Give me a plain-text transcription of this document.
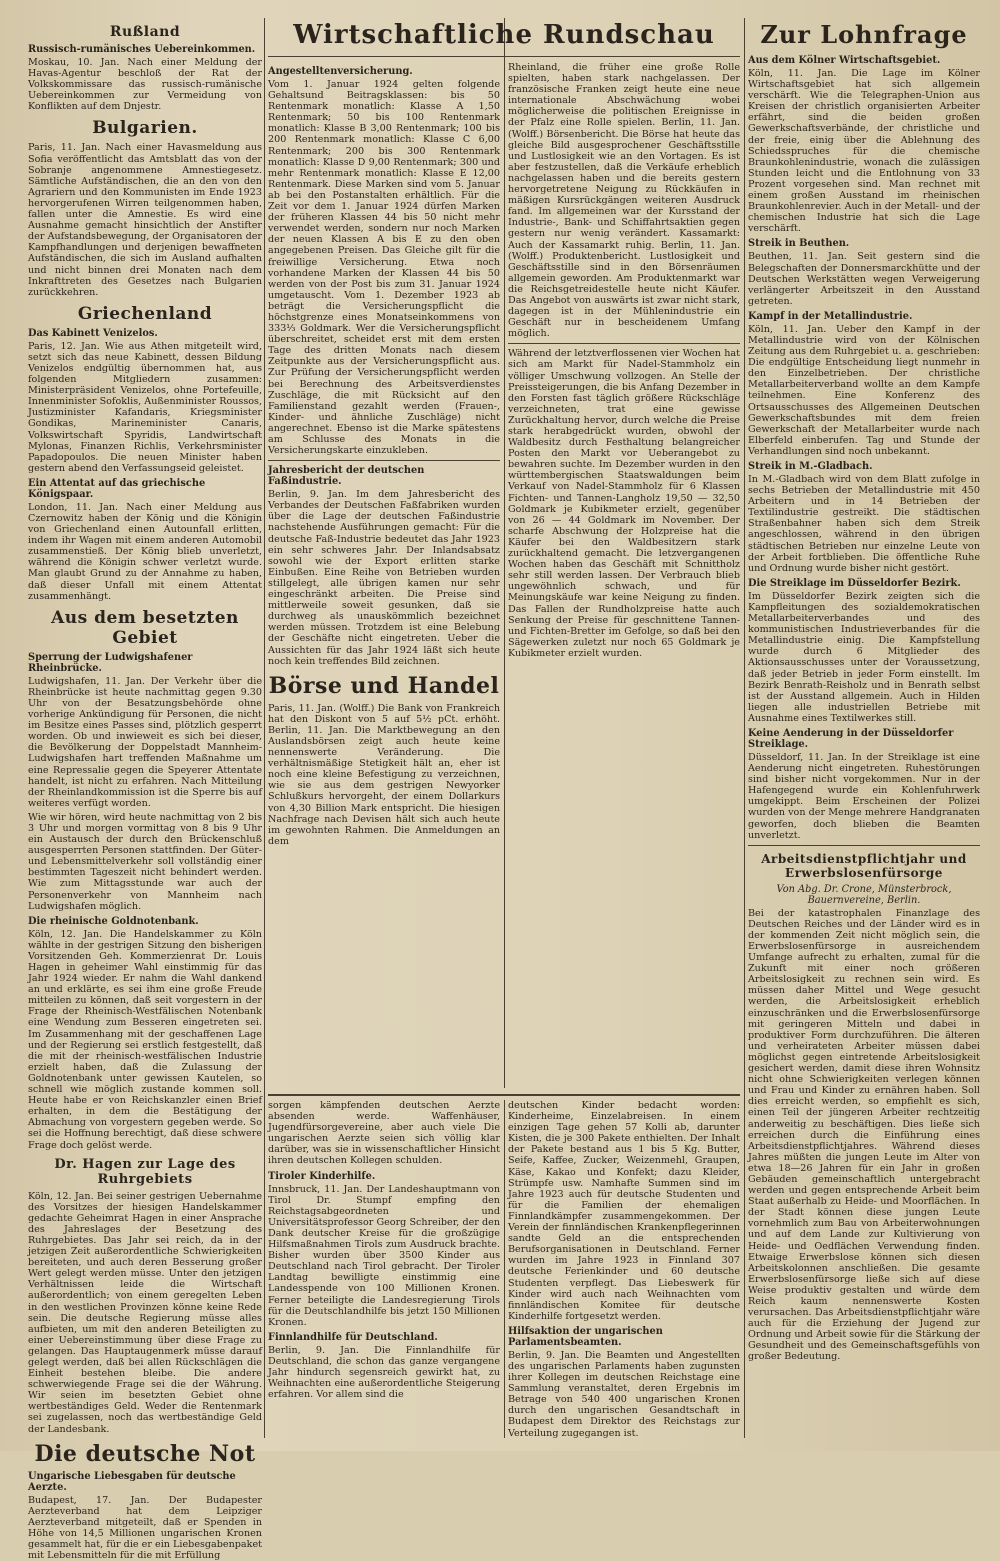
Rußland
Russisch-rumänisches Uebereinkommen.

Moskau, 10. Jan. Nach einer Meldung der Havas-Agentur beschloß der Rat der Volkskommissare das russisch-rumänische Uebereinkommen zur Vermeidung von Konflikten auf dem Dnjestr.

Bulgarien.

Paris, 11. Jan. Nach einer Havasmeldung aus Sofia veröffentlicht das Amtsblatt das von der Sobranje angenommene Amnestiegesetz. Sämtliche Aufständischen, die an den von den Agrariern und den Kommunisten im Ende 1923 hervorgerufenen Wirren teilgenommen haben, fallen unter die Amnestie. Es wird eine Ausnahme gemacht hinsichtlich der Anstifter der Aufstandsbewegung, der Organisatoren der Kampfhandlungen und derjenigen bewaffneten Aufständischen, die sich im Ausland aufhalten und nicht binnen drei Monaten nach dem Inkrafttreten des Gesetzes nach Bulgarien zurückkehren.

Griechenland
Das Kabinett Venizelos.

Paris, 12. Jan. Wie aus Athen mitgeteilt wird, setzt sich das neue Kabinett, dessen Bildung Venizelos endgültig übernommen hat, aus folgenden Mitgliedern zusammen: Ministerpräsident Venizelos, ohne Portefeuille, Innenminister Sofoklis, Außenminister Roussos, Justizminister Kafandaris, Kriegsminister Gondikas, Marineminister Canaris, Volkswirtschaft Spyridis, Landwirtschaft Mylonas, Finanzen Richlis, Verkehrsminister Papadopoulos. Die neuen Minister haben gestern abend den Verfassungseid geleistet.

Ein Attentat auf das griechische Königspaar.

London, 11. Jan. Nach einer Meldung aus Czernowitz haben der König und die Königin von Griechenland einen Autounfall erlitten, indem ihr Wagen mit einem anderen Automobil zusammenstieß. Der König blieb unverletzt, während die Königin schwer verletzt wurde. Man glaubt Grund zu der Annahme zu haben, daß dieser Unfall mit einem Attentat zusammenhängt.

Aus dem besetzten Gebiet
Sperrung der Ludwigshafener Rheinbrücke.

Ludwigshafen, 11. Jan. Der Verkehr über die Rheinbrücke ist heute nachmittag gegen 9.30 Uhr von der Besatzungsbehörde ohne vorherige Ankündigung für Personen, die nicht im Besitze eines Passes sind, plötzlich gesperrt worden. Ob und inwieweit es sich bei dieser, die Bevölkerung der Doppelstadt Mannheim-Ludwigshafen hart treffenden Maßnahme um eine Repressalie gegen die Speyerer Attentate handelt, ist nicht zu erfahren. Nach Mitteilung der Rheinlandkommission ist die Sperre bis auf weiteres verfügt worden.

Wie wir hören, wird heute nachmittag von 2 bis 3 Uhr und morgen vormittag von 8 bis 9 Uhr ein Austausch der durch den Brückenschluß ausgesperrten Personen stattfinden. Der Güter- und Lebensmittelverkehr soll vollständig einer bestimmten Tageszeit nicht behindert werden. Wie zum Mittagsstunde war auch der Personenverkehr von Mannheim nach Ludwigshafen möglich.

Die rheinische Goldnotenbank.

Köln, 12. Jan. Die Handelskammer zu Köln wählte in der gestrigen Sitzung den bisherigen Vorsitzenden Geh. Kommerzienrat Dr. Louis Hagen in geheimer Wahl einstimmig für das Jahr 1924 wieder. Er nahm die Wahl dankend an und erklärte, es sei ihm eine große Freude mitteilen zu können, daß seit vorgestern in der Frage der Rheinisch-Westfälischen Notenbank eine Wendung zum Besseren eingetreten sei. Im Zusammenhang mit der geschaffenen Lage und der Regierung sei erstlich festgestellt, daß die mit der rheinisch-westfälischen Industrie erzielt haben, daß die Zulassung der Goldnotenbank unter gewissen Kautelen, so schnell wie möglich zustande kommen soll. Heute habe er von Reichskanzler einen Brief erhalten, in dem die Bestätigung der Abmachung von vorgestern gegeben werde. So sei die Hoffnung berechtigt, daß diese schwere Frage doch gelöst werde.

Dr. Hagen zur Lage des Ruhrgebiets

Köln, 12. Jan. Bei seiner gestrigen Uebernahme des Vorsitzes der hiesigen Handelskammer gedachte Geheimrat Hagen in einer Ansprache des Jahreslages der Besetzung des Ruhrgebietes. Das Jahr sei reich, da in der jetzigen Zeit außerordentliche Schwierigkeiten bereiteten, und auch deren Besserung großer Wert gelegt werden müsse. Unter den jetzigen Verhältnissen leide die Wirtschaft außerordentlich; von einem geregelten Leben in den westlichen Provinzen könne keine Rede sein. Die deutsche Regierung müsse alles aufbieten, um mit den anderen Beteiligten zu einer Uebereinstimmung über diese Frage zu gelangen. Das Hauptaugenmerk müsse darauf gelegt werden, daß bei allen Rückschlägen die Einheit bestehen bleibe. Die andere schwerwiegende Frage sei die der Währung. Wir seien im besetzten Gebiet ohne wertbeständiges Geld. Weder die Rentenmark sei zugelassen, noch das wertbeständige Geld der Landesbank.

Die deutsche Not
Ungarische Liebesgaben für deutsche Aerzte.

Budapest, 17. Jan. Der Budapester Aerzteverband hat dem Leipziger Aerzteverband mitgeteilt, daß er Spenden in Höhe von 14,5 Millionen ungarischen Kronen gesammelt hat, für die er ein Liebesgabenpaket mit Lebensmitteln für die mit Erfüllung

Wirtschaftliche Rundschau
Angestelltenversicherung.

Vom 1. Januar 1924 gelten folgende Gehaltsund Beitragsklassen: bis 50 Rentenmark monatlich: Klasse A 1,50 Rentenmark; 50 bis 100 Rentenmark monatlich: Klasse B 3,00 Rentenmark; 100 bis 200 Rentenmark monatlich: Klasse C 6,00 Rentenmark; 200 bis 300 Rentenmark monatlich: Klasse D 9,00 Rentenmark; 300 und mehr Rentenmark monatlich: Klasse E 12,00 Rentenmark. Diese Marken sind vom 5. Januar ab bei den Postanstalten erhältlich. Für die Zeit vor dem 1. Januar 1924 dürfen Marken der früheren Klassen 44 bis 50 nicht mehr verwendet werden, sondern nur noch Marken der neuen Klassen A bis E zu den oben angegebenen Preisen. Das Gleiche gilt für die freiwillige Versicherung. Etwa noch vorhandene Marken der Klassen 44 bis 50 werden von der Post bis zum 31. Januar 1924 umgetauscht. Vom 1. Dezember 1923 ab beträgt die Versicherungspflicht die höchstgrenze eines Monatseinkommens von 333⅓ Goldmark. Wer die Versicherungspflicht überschreitet, scheidet erst mit dem ersten Tage des dritten Monats nach diesem Zeitpunkte aus der Versicherungspflicht aus. Zur Prüfung der Versicherungspflicht werden bei Berechnung des Arbeitsverdienstes Zuschläge, die mit Rücksicht auf den Familienstand gezahlt werden (Frauen-, Kinder- und ähnliche Zuschläge) nicht angerechnet. Ebenso ist die Marke spätestens am Schlusse des Monats in die Versicherungskarte einzukleben.

Jahresbericht der deutschen Faßindustrie.

Berlin, 9. Jan. Im dem Jahresbericht des Verbandes der Deutschen Faßfabriken wurden über die Lage der deutschen Faßindustrie nachstehende Ausführungen gemacht: Für die deutsche Faß-Industrie bedeutet das Jahr 1923 ein sehr schweres Jahr. Der Inlandsabsatz sowohl wie der Export erlitten starke Einbußen. Eine Reihe von Betrieben wurden stillgelegt, alle übrigen kamen nur sehr eingeschränkt arbeiten. Die Preise sind mittlerweile soweit gesunken, daß sie durchweg als unauskömmlich bezeichnet werden müssen. Trotzdem ist eine Belebung der Geschäfte nicht eingetreten. Ueber die Aussichten für das Jahr 1924 läßt sich heute noch kein treffendes Bild zeichnen.

Börse und Handel

Paris, 11. Jan. (Wolff.) Die Bank von Frankreich hat den Diskont von 5 auf 5½ pCt. erhöht. Berlin, 11. Jan. Die Marktbewegung an den Auslandsbörsen zeigt auch heute keine nennenswerte Veränderung. Die verhältnismäßige Stetigkeit hält an, eher ist noch eine kleine Befestigung zu verzeichnen, wie sie aus dem gestrigen Newyorker Schlußkurs hervorgeht, der einem Dollarkurs von 4,30 Billion Mark entspricht. Die hiesigen Nachfrage nach Devisen hält sich auch heute im gewohnten Rahmen. Die Anmeldungen an dem

Rheinland, die früher eine große Rolle spielten, haben stark nachgelassen. Der französische Franken zeigt heute eine neue internationale Abschwächung wobei möglicherweise die politischen Ereignisse in der Pfalz eine Rolle spielen. Berlin, 11. Jan. (Wolff.) Börsenbericht. Die Börse hat heute das gleiche Bild ausgesprochener Geschäftsstille und Lustlosigkeit wie an den Vortagen. Es ist aber festzustellen, daß die Verkäufe erheblich nachgelassen haben und die bereits gestern hervorgetretene Neigung zu Rückkäufen in mäßigen Kursrückgängen weiteren Ausdruck fand. Im allgemeinen war der Kursstand der Industrie-, Bank- und Schiffahrtsaktien gegen gestern nur wenig verändert. Kassamarkt: Auch der Kassamarkt ruhig. Berlin, 11. Jan. (Wolff.) Produktenbericht. Lustlosigkeit und Geschäftsstille sind in den Börsenräumen allgemein geworden. Am Produktenmarkt war die Reichsgetreidestelle heute nicht Käufer. Das Angebot von auswärts ist zwar nicht stark, dagegen ist in der Mühlenindustrie ein Geschäft nur in bescheidenem Umfang möglich.

Während der letztverflossenen vier Wochen hat sich am Markt für Nadel-Stammholz ein völliger Umschwung vollzogen. An Stelle der Preissteigerungen, die bis Anfang Dezember in den Forsten fast täglich größere Rückschläge verzeichneten, trat eine gewisse Zurückhaltung hervor, durch welche die Preise stark herabgedrückt wurden, obwohl der Waldbesitz durch Festhaltung belangreicher Posten den Markt vor Ueberangebot zu bewahren suchte. Im Dezember wurden in den württembergischen Staatswaldungen beim Verkauf von Nadel-Stammholz für 6 Klassen Fichten- und Tannen-Langholz 19,50 — 32,50 Goldmark je Kubikmeter erzielt, gegenüber von 26 — 44 Goldmark im November. Der scharfe Abschwung der Holzpreise hat die Käufer bei den Waldbesitzern stark zurückhaltend gemacht. Die letzvergangenen Wochen haben das Geschäft mit Schnittholz sehr still werden lassen. Der Verbrauch blieb ungewöhnlich schwach, und für Meinungskäufe war keine Neigung zu finden. Das Fallen der Rundholzpreise hatte auch Senkung der Preise für geschnittene Tannen- und Fichten-Bretter im Gefolge, so daß bei den Sägewerken zuletzt nur noch 65 Goldmark je Kubikmeter erzielt wurden.

sorgen kämpfenden deutschen Aerzte absenden werde. Waffenhäuser, Jugendfürsorgevereine, aber auch viele Die ungarischen Aerzte seien sich völlig klar darüber, was sie in wissenschaftlicher Hinsicht ihren deutschen Kollegen schulden.

Tiroler Kinderhilfe.

Innsbruck, 11. Jan. Der Landeshauptmann von Tirol Dr. Stumpf empfing den Reichstagsabgeordneten und Universitätsprofessor Georg Schreiber, der den Dank deutscher Kreise für die großzügige Hilfsmaßnahmen Tirols zum Ausdruck brachte. Bisher wurden über 3500 Kinder aus Deutschland nach Tirol gebracht. Der Tiroler Landtag bewilligte einstimmig eine Landesspende von 100 Millionen Kronen. Ferner beteiligte die Landesregierung Tirols für die Deutschlandhilfe bis jetzt 150 Millionen Kronen.

Finnlandhilfe für Deutschland.

Berlin, 9. Jan. Die Finnlandhilfe für Deutschland, die schon das ganze vergangene Jahr hindurch segensreich gewirkt hat, zu Weihnachten eine außerordentliche Steigerung erfahren. Vor allem sind die

deutschen Kinder bedacht worden: Kinderheime, Einzelabreisen. In einem einzigen Tage gehen 57 Kolli ab, darunter Kisten, die je 300 Pakete enthielten. Der Inhalt der Pakete bestand aus 1 bis 5 Kg. Butter, Seife, Kaffee, Zucker, Weizenmehl, Graupen, Käse, Kakao und Konfekt; dazu Kleider, Strümpfe usw. Namhafte Summen sind im Jahre 1923 auch für deutsche Studenten und für die Familien der ehemaligen Finnlandkämpfer zusammengekommen. Der Verein der finnländischen Krankenpflegerinnen sandte Geld an die entsprechenden Berufsorganisationen in Deutschland. Ferner wurden im Jahre 1923 in Finnland 307 deutsche Ferienkinder und 60 deutsche Studenten verpflegt. Das Liebeswerk für Kinder wird auch nach Weihnachten vom finnländischen Komitee für deutsche Kinderhilfe fortgesetzt werden.

Hilfsaktion der ungarischen Parlamentsbeamten.

Berlin, 9. Jan. Die Beamten und Angestellten des ungarischen Parlaments haben zugunsten ihrer Kollegen im deutschen Reichstage eine Sammlung veranstaltet, deren Ergebnis im Betrage von 540 400 ungarischen Kronen durch den ungarischen Gesandtschaft in Budapest dem Direktor des Reichstags zur Verteilung zugegangen ist.

Zur Lohnfrage
Aus dem Kölner Wirtschaftsgebiet.

Köln, 11. Jan. Die Lage im Kölner Wirtschaftsgebiet hat sich allgemein verschärft. Wie die Telegraphen-Union aus Kreisen der christlich organisierten Arbeiter erfährt, sind die beiden großen Gewerkschaftsverbände, der christliche und der freie, einig über die Ablehnung des Schiedsspruches für die chemische Braunkohlenindustrie, wonach die zulässigen Stunden leicht und die Entlohnung von 33 Prozent vorgesehen sind. Man rechnet mit einem großen Ausstand im rheinischen Braunkohlenrevier. Auch in der Metall- und der chemischen Industrie hat sich die Lage verschärft.

Streik in Beuthen.

Beuthen, 11. Jan. Seit gestern sind die Belegschaften der Donnersmarckhütte und der Deutschen Werkstätten wegen Verweigerung verlängerter Arbeitszeit in den Ausstand getreten.

Kampf in der Metallindustrie.

Köln, 11. Jan. Ueber den Kampf in der Metallindustrie wird von der Kölnischen Zeitung aus dem Ruhrgebiet u. a. geschrieben: Die endgültige Entscheidung liegt nunmehr in den Einzelbetrieben. Der christliche Metallarbeiterverband wollte an dem Kampfe teilnehmen. Eine Konferenz des Ortsausschusses des Allgemeinen Deutschen Gewerkschaftsbundes mit dem freien Gewerkschaft der Metallarbeiter wurde nach Elberfeld einberufen. Tag und Stunde der Verhandlungen sind noch unbekannt.

Streik in M.-Gladbach.

In M.-Gladbach wird von dem Blatt zufolge in sechs Betrieben der Metallindustrie mit 450 Arbeitern und in 14 Betrieben der Textilindustrie gestreikt. Die städtischen Straßenbahner haben sich dem Streik angeschlossen, während in den übrigen städtischen Betrieben nur einzelne Leute von der Arbeit fortblieben. Die öffentliche Ruhe und Ordnung wurde bisher nicht gestört.

Die Streiklage im Düsseldorfer Bezirk.

Im Düsseldorfer Bezirk zeigten sich die Kampfleitungen des sozialdemokratischen Metallarbeiterverbandes und des kommunistischen Industrieverbandes für die Metallindustrie einig. Die Kampfstellung wurde durch 6 Mitglieder des Aktionsausschusses unter der Voraussetzung, daß jeder Betrieb in jeder Form einstellt. Im Bezirk Benrath-Reisholz und in Benrath selbst ist der Ausstand allgemein. Auch in Hilden liegen alle industriellen Betriebe mit Ausnahme eines Textilwerkes still.

Keine Aenderung in der Düsseldorfer Streiklage.

Düsseldorf, 11. Jan. In der Streiklage ist eine Aenderung nicht eingetreten. Ruhestörungen sind bisher nicht vorgekommen. Nur in der Hafengegend wurde ein Kohlenfuhrwerk umgekippt. Beim Erscheinen der Polizei wurden von der Menge mehrere Handgranaten geworfen, doch blieben die Beamten unverletzt.

Arbeitsdienstpflichtjahr und Erwerbslosenfürsorge
Von Abg. Dr. Crone, Münsterbrock, Bauernvereine, Berlin.

Bei der katastrophalen Finanzlage des Deutschen Reiches und der Länder wird es in der kommenden Zeit nicht möglich sein, die Erwerbslosenfürsorge in ausreichendem Umfange aufrecht zu erhalten, zumal für die Zukunft mit einer noch größeren Arbeitslosigkeit zu rechnen sein wird. Es müssen daher Mittel und Wege gesucht werden, die Arbeitslosigkeit erheblich einzuschränken und die Erwerbslosenfürsorge mit geringeren Mitteln und dabei in produktiver Form durchzuführen. Die älteren und verheirateten Arbeiter müssen dabei möglichst gegen eintretende Arbeitslosigkeit gesichert werden, damit diese ihren Wohnsitz nicht ohne Schwierigkeiten verlegen können und Frau und Kinder zu ernähren haben. Soll dies erreicht werden, so empfiehlt es sich, einen Teil der jüngeren Arbeiter rechtzeitig anderweitig zu beschäftigen. Dies ließe sich erreichen durch die Einführung eines Arbeitsdienstpflichtjahres. Während dieses Jahres müßten die jungen Leute im Alter von etwa 18—26 Jahren für ein Jahr in großen Gebäuden gemeinschaftlich untergebracht werden und gegen entsprechende Arbeit beim Staat außerhalb zu Heide- und Moorflächen. In der Stadt können diese jungen Leute vornehmlich zum Bau von Arbeiterwohnungen und auf dem Lande zur Kultivierung von Heide- und Oedflächen Verwendung finden. Etwaige Erwerbslose können sich diesen Arbeitskolonnen anschließen. Die gesamte Erwerbslosenfürsorge ließe sich auf diese Weise produktiv gestalten und würde dem Reich kaum nennenswerte Kosten verursachen. Das Arbeitsdienstpflichtjahr wäre auch für die Erziehung der Jugend zur Ordnung und Arbeit sowie für die Stärkung der Gesundheit und des Gemeinschaftsgefühls von großer Bedeutung.
